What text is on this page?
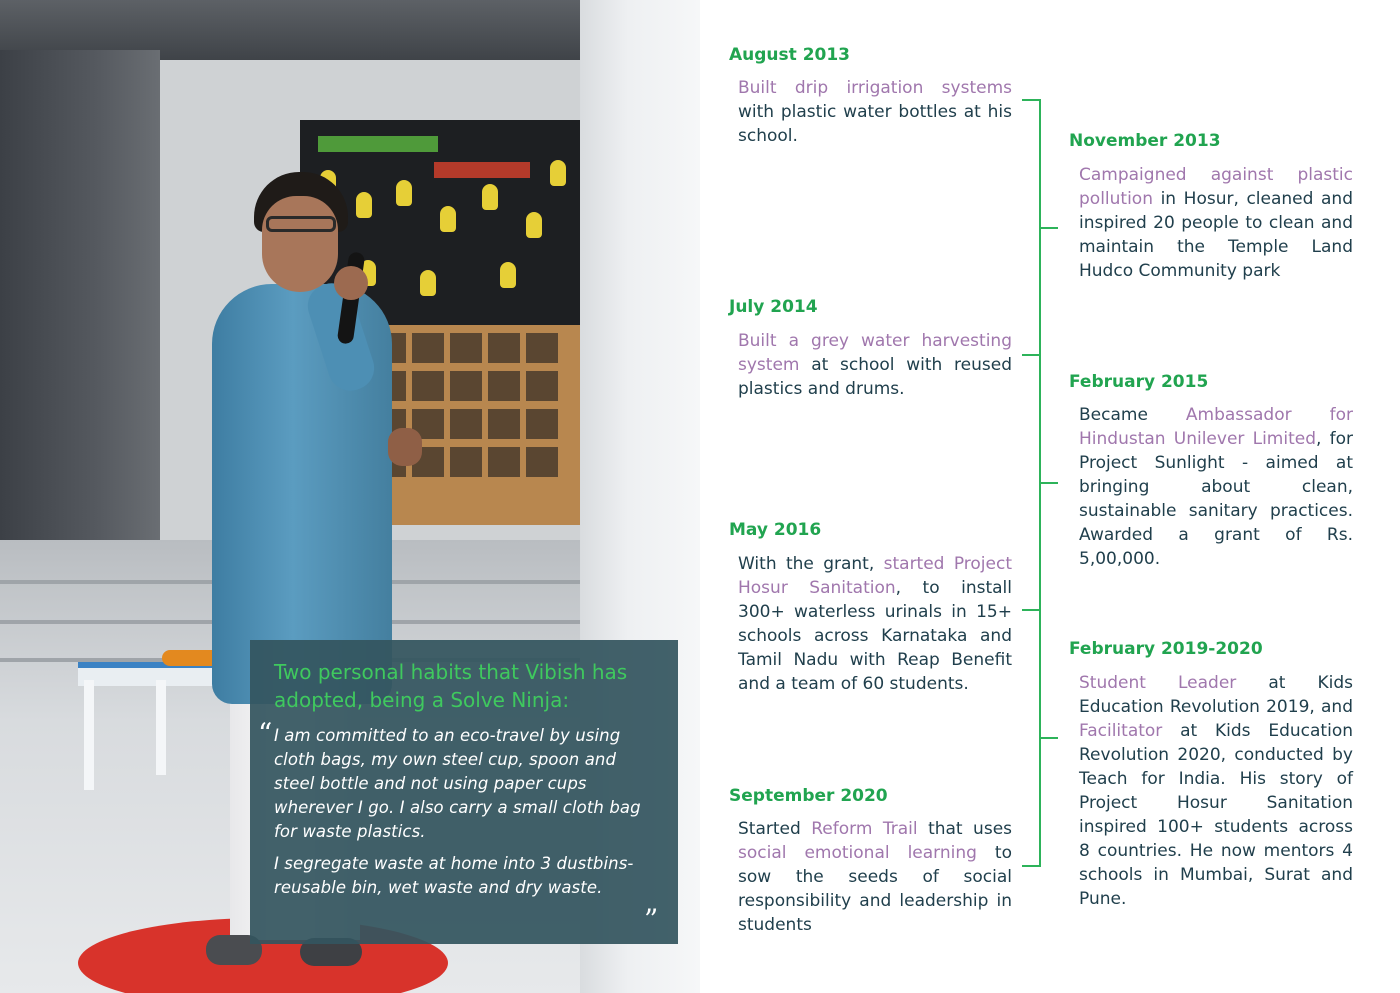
Two personal habits that Vibish has adopted, being a Solve Ninja:

“ I am committed to an eco-travel by using cloth bags, my own steel cup, spoon and steel bottle and not using paper cups wherever I go. I also carry a small cloth bag for waste plastics.

I segregate waste at home into 3 dustbins- reusable bin, wet waste and dry waste.

”

August 2013

Built drip irrigation systems with plastic water bottles at his school.

July 2014

Built a grey water harvesting system at school with reused plastics and drums.

May 2016

With the grant, started Project Hosur Sanitation, to install 300+ waterless urinals in 15+ schools across Karnataka and Tamil Nadu with Reap Benefit and a team of 60 students.

September 2020

Started Reform Trail that uses social emotional learning to sow the seeds of social responsibility and leadership in students

November 2013

Campaigned against plastic pollution in Hosur, cleaned and inspired 20 people to clean and maintain the Temple Land Hudco Community park

February 2015

Became Ambassador for Hindustan Unilever Limited, for Project Sunlight - aimed at bringing about clean, sustainable sanitary practices. Awarded a grant of Rs. 5,00,000.

February 2019-2020

Student Leader at Kids Education Revolution 2019, and Facilitator at Kids Education Revolution 2020, conducted by Teach for India. His story of Project Hosur Sanitation inspired 100+ students across 8 countries. He now mentors 4 schools in Mumbai, Surat and Pune.
